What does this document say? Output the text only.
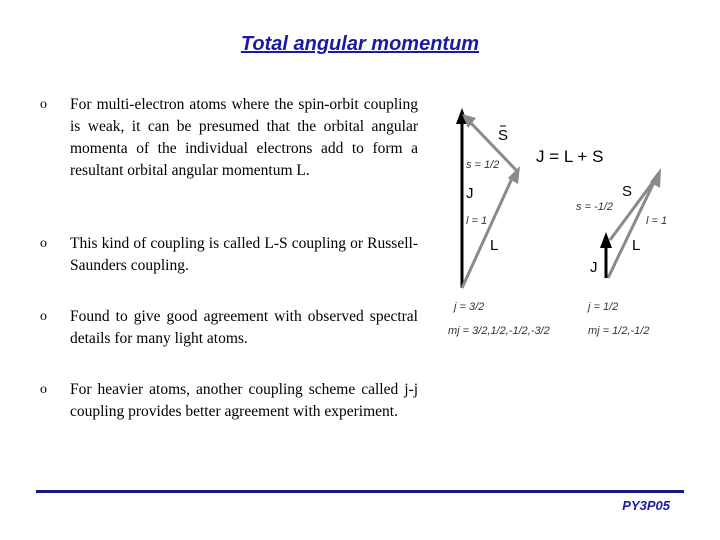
Total angular momentum
o For multi-electron atoms where the spin-orbit coupling is weak, it can be presumed that the orbital angular momenta of the individual electrons add to form a resultant orbital angular momentum L.
o This kind of coupling is called L-S coupling or Russell-Saunders coupling.
o Found to give good agreement with observed spectral details for many light atoms.
o For heavier atoms, another coupling scheme called j-j coupling provides better agreement with experiment.
S
s = 1/2
J
l = 1
L
J = L + S
S
s = -1/2
l = 1
L
J
j = 3/2
mj = 3/2,1/2,-1/2,-3/2
j = 1/2
mj = 1/2,-1/2
PY3P05
